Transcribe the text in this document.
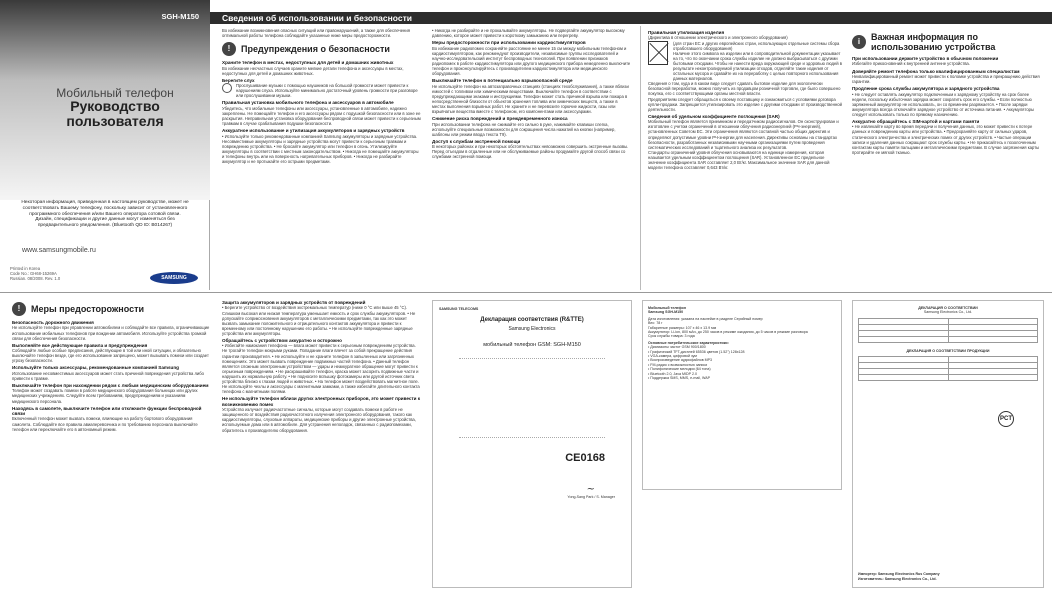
SGH-M150
Мобильный телефон
Руководство пользователя
Некоторая информация, приведенная в настоящем руководстве, может не соответствовать Вашему телефону, поскольку зависит от установленного программного обеспечения и/или Вашего оператора сотовой связи. Дизайн, спецификации и другие данные могут изменяться без предварительного уведомления. (Bluetooth QD ID: B014267)
www.samsungmobile.ru
Printed in Korea
Code No.: GH68-15269A
Russian. 08/2008. Rev. 1.0	SAMSUNG
Сведения об использовании и безопасности
Во избежание возникновения опасных ситуаций или правонарушений, а также для обеспечения оптимальной работы телефона соблюдайте указанные ниже меры предосторожности.
!	Предупреждения о безопасности
Храните телефон в местах, недоступных для детей и домашних животных
Во избежание несчастных случаев храните мелкие детали телефона и аксессуары в местах, недоступных для детей и домашних животных.
Берегите слух
Прослушивание музыки с помощью наушников на большой громкости может привести к нарушениям слуха. Используйте минимально достаточный уровень громкости при разговоре или прослушивании музыки.
Правильная установка мобильного телефона и аксессуаров в автомобиле
Убедитесь, что мобильные телефоны или аксессуары, установленные в автомобиле, надежно закреплены. Не помещайте телефон и его аксессуары рядом с подушкой безопасности или в зоне ее раскрытия. Неправильная установка оборудования беспроводной связи может привести к серьезным травмам в случае срабатывания подушки безопасности.
Аккуратное использование и утилизация аккумуляторов и зарядных устройств
• Используйте только рекомендованные компанией Samsung аккумуляторы и зарядные устройства. Несовместимые аккумуляторы и зарядные устройства могут привести к серьезным травмам и повреждению устройства. • Не бросайте аккумулятор или телефон в огонь. Утилизируйте аккумуляторы в соответствии с местным законодательством. • Никогда не помещайте аккумуляторы и телефоны внутрь или на поверхность нагревательных приборов. • Никогда не разбирайте аккумулятор и не протыкайте его острыми предметами.
• Никогда не разбирайте и не прокалывайте аккумуляторы. Не подвергайте аккумулятор высокому давлению, которое может привести к короткому замыканию или перегреву.
Меры предосторожности при использовании кардиостимуляторов
Во избежание радиопомех сохраняйте расстояние не менее 15 см между мобильным телефоном и кардиостимулятором, как рекомендуют производители, независимые группы исследователей и научно-исследовательский институт беспроводных технологий. При появлении признаков радиопомех в работе кардиостимулятора или другого медицинского прибора немедленно выключите телефон и проконсультируйтесь с производителем кардиостимулятора или медицинского оборудования.
Выключайте телефон в потенциально взрывоопасной среде
Не используйте телефон на автозаправочных станциях (станциях техобслуживания), а также вблизи емкостей с топливом или химическими веществами. Выключайте телефон в соответствии с предупреждающими знаками и инструкциями. Телефон может стать причиной взрыва или пожара в непосредственной близости от объектов хранения топлива или химических веществ, а также в местах выполнения взрывных работ. Не храните и не перевозите горючие жидкости, газы или взрывчатые вещества вместе с телефоном, его компонентами или аксессуарами.
Снижение риска повреждений и преждевременного износа
При использовании телефона не сжимайте его сильно в руке, нажимайте клавиши слегка, используйте специальные возможности для сокращения числа нажатий на кнопки (например, шаблоны или режим ввода текста Т9).
Доступ к службам экстренной помощи
В некоторых районах и при некоторых обстоятельствах невозможно совершить экстренные вызовы. Перед отъездом в отдаленные или не обслуживаемые районы продумайте другой способ связи со службами экстренной помощи.
Правильная утилизация изделия
(Директива в отношении электрического и электронного оборудования)
(для стран ЕС и других европейских стран, использующих отдельные системы сбора отработавшего оборудования)
Наличие этого символа на изделии или в сопроводительной документации указывает на то, что по окончании срока службы изделие не должно выбрасываться с другими бытовыми отходами. Чтобы не нанести вреда окружающей среде и здоровью людей в результате неконтролируемой утилизации отходов, отделяйте такие изделия от остальных мусора и сдавайте их на переработку с целью повторного использования данных материалов.
Сведения о том, куда и в каком виде следует сдавать бытовое изделие для экологически безопасной переработки, можно получить из продавцом розничной торговли, где было совершено покупка, его с соответствующими органы местной власти.
Предприятиям следует обращаться к своему поставщику и ознакомиться с условиями договора купли-продажи. Запрещается утилизировать это изделие с другими отходами от производственной деятельности.
Сведения об удельном коэффициенте поглощения (SAR)
Мобильный телефон является приемником и передатчиком радиосигналов. Он сконструирован и изготовлен с учетом ограничений в отношении облучения радиоэнергией (РЧ-энергией), установленных Советом ЕС. Эти ограничения являются составной частью общих директив и определяют допустимые уровни РЧ-энергии для населения. Директивы основаны на стандартах безопасности, разработанных независимыми научными организациями путем проведения систематических исследований и тщательного анализа их результатов.
Стандарты ограничений уровня облучения основываются на единице измерения, которая называется удельным коэффициентом поглощения (SAR). Установленное ЕС предельное значение коэффициента SAR составляет 2,0 Вт/кг. Максимальное значение SAR для данной модели телефона составляет 0,643 Вт/кг.
i	Важная информация по использованию устройства
При использовании держите устройство в обычном положении
Избегайте прикосновений к внутренней антенне устройства.
Доверяйте ремонт телефона только квалифицированным специалистам
Неквалифицированный ремонт может привести к поломке устройства и прекращению действия гарантии.
Продление срока службы аккумулятора и зарядного устройства
• Не следует оставлять аккумулятор подключенным к зарядному устройству на срок более недели, поскольку избыточная зарядка может сократить срок его службы. • Если полностью заряженный аккумулятор не использовать, он со временем разряжается. • После зарядки аккумулятора всегда отключайте зарядное устройство от источника питания. • Аккумуляторы следует использовать только по прямому назначению.
Аккуратно обращайтесь с SIM-картой и картами памяти
• Не извлекайте карту во время передачи и получения данных, это может привести к потере данных и повреждению карты или устройства. • Предохраняйте карту от сильных ударов, статического электричества и электрических помех от других устройств. • Частые операции записи и удаления данных сокращают срок службы карты. • Не прикасайтесь к позолоченным контактам карты памяти пальцами и металлическими предметами. В случае загрязнения карты протирайте ее мягкой тканью.
!	Меры предосторожности
Безопасность дорожного движения
Не используйте телефон при управлении автомобилем и соблюдайте все правила, ограничивающие использование мобильных телефонов при вождении автомобиля. Используйте устройства громкой связи для обеспечения безопасности.
Выполняйте все действующие правила и предупреждения
Соблюдайте любые особые предписания, действующие в той или иной ситуации, и обязательно выключайте телефон везде, где его использование запрещено, может вызывать помехи или создает угрозу безопасности.
Используйте только аксессуары, рекомендованные компанией Samsung
Использование несовместимых аксессуаров может стать причиной повреждения устройства либо привести к травме.
Выключайте телефон при нахождении рядом с любым медицинским оборудованием
Телефон может создавать помехи в работе медицинского оборудования больницах или других медицинских учреждениях. Следуйте всем требованиям, предупреждениям и указаниям медицинского персонала.
Находясь в самолете, выключите телефон или отключите функции беспроводной связи
Включенный телефон может вызвать помехи, влияющие на работу бортового оборудования самолета. Соблюдайте все правила авиаперевозчика и по требованию персонала выключайте телефон или переключайте его в автономный режим.
Защита аккумуляторов и зарядных устройств от повреждений
• Берегите устройство от воздействия экстремальных температур (ниже 0 °C или выше 45 °C). Слишком высокая или низкая температура уменьшает емкость и срок службы аккумуляторов. • Не допускайте соприкосновения аккумуляторов с металлическими предметами, так как это может вызвать замыкание положительного и отрицательного контактов аккумулятора и привести к временному или постоянному нарушению его работы. • Не используйте поврежденные зарядные устройства или аккумуляторы.
Обращайтесь с устройством аккуратно и осторожно
• Избегайте намокания телефона — влага может привести к серьезным повреждениям устройства. Не трогайте телефон мокрыми руками. Попадание влаги влечет за собой прекращение действия гарантии производителя. • Не используйте и не храните телефон в запыленных или загрязненных помещениях. Это может вызвать повреждение подвижных частей телефона. • Данный телефон является сложным электронным устройством — удары и неаккуратное обращение могут привести к серьезным повреждениям. • Не раскрашивайте телефон, краска может засорить подвижные части и нарушить их нормальную работу. • Не подносите вспышку фотокамеры или другой источник света устройства близко к глазам людей и животных. • На телефон может воздействовать магнитное поле. Не используйте чехлы и аксессуары с магнитными замками, а также избегайте длительного контакта телефона с магнитными полями.
Не используйте телефон вблизи других электронных приборов, это может привести к возникновению помех
Устройство излучает радиочастотные сигналы, которые могут создавать помехи в работе не защищенного от воздействия радиочастотного излучения электронного оборудования, такого как кардиостимуляторы, слуховые аппараты, медицинские приборы и другие электронные устройства, используемые дома или в автомобиле. Для устранения неполадок, связанных с радиопомехами, обратитесь к производителю оборудования.
SAMSUNG TELECOMS
Декларация соответствия (R&TTE)
Samsung Electronics
мобильный телефон GSM: SGH-M150
CE0168
~
Yong-Sang Park / S. Manager
Мобильный телефон
Samsung SGH-M150
Дата изготовления: указана на наклейке в разделе Серийный номер
Вес: 78 г
Габаритные размеры: 107 x 46 x 13.9 мм
Аккумулятор: Li-ion, 800 мАч, до 250 часов в режиме ожидания, до 5 часов в режиме разговора
Срок службы товара: 3 года
Основные потребительские характеристики:
• Диапазоны частот GSM 900/1800
• Графический TFT-дисплей 65536 цветов (1.52") 128x128
• VGA-камера, цифровой зум
• Воспроизведение аудиофайлов MP3
• FM-радио с возможностью записи
• Полифонические мелодии (64 тона)
• Bluetooth 2.0, Java MIDP 2.0
• Поддержка SMS, MMS, e-mail, WAP
ДЕКЛАРАЦИЯ О СООТВЕТСТВИИ
Samsung Electronics Co., Ltd.

ДЕКЛАРАЦИЯ О СООТВЕТСТВИИ ПРОДУКЦИИ

PCT
Импортер: Samsung Electronics Rus Company
Изготовитель: Samsung Electronics Co., Ltd.
